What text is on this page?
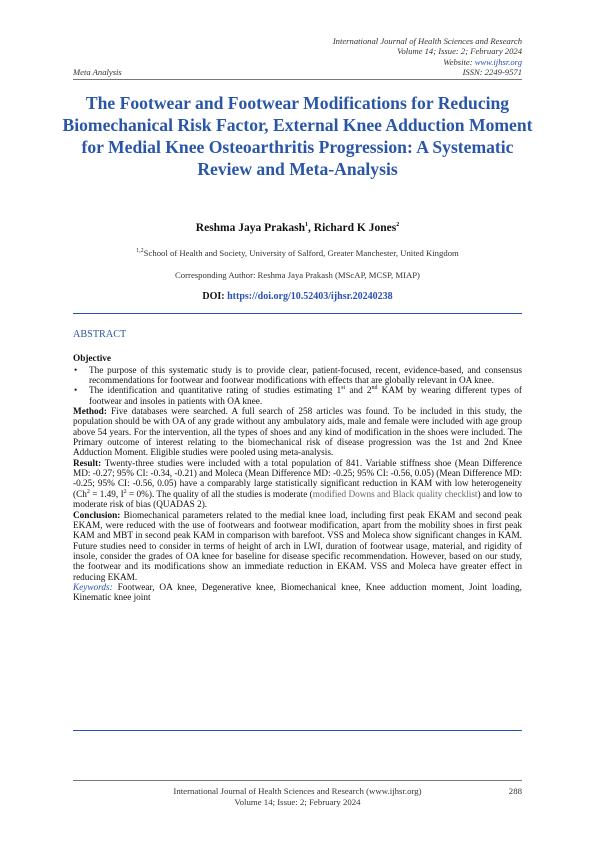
International Journal of Health Sciences and Research
Volume 14; Issue: 2; February 2024
Website: www.ijhsr.org
ISSN: 2249-9571
Meta Analysis
The Footwear and Footwear Modifications for Reducing Biomechanical Risk Factor, External Knee Adduction Moment for Medial Knee Osteoarthritis Progression: A Systematic Review and Meta-Analysis
Reshma Jaya Prakash$^1$, Richard K Jones$^2$
$^{1,2}$School of Health and Society, University of Salford, Greater Manchester, United Kingdom
Corresponding Author: Reshma Jaya Prakash (MScAP, MCSP, MIAP)
DOI: https://doi.org/10.52403/ijhsr.20240238
ABSTRACT
Objective
• The purpose of this systematic study is to provide clear, patient-focused, recent, evidence-based, and consensus recommendations for footwear and footwear modifications with effects that are globally relevant in OA knee.
• The identification and quantitative rating of studies estimating 1st and 2nd KAM by wearing different types of footwear and insoles in patients with OA knee.

Method: Five databases were searched. A full search of 258 articles was found. To be included in this study, the population should be with OA of any grade without any ambulatory aids, male and female were included with age group above 54 years. For the intervention, all the types of shoes and any kind of modification in the shoes were included. The Primary outcome of interest relating to the biomechanical risk of disease progression was the 1st and 2nd Knee Adduction Moment. Eligible studies were pooled using meta-analysis.

Result: Twenty-three studies were included with a total population of 841. Variable stiffness shoe (Mean Difference MD: -0.27; 95% CI: -0.34, -0.21) and Moleca (Mean Difference MD: -0.25; 95% CI: -0.56, 0.05) (Mean Difference MD: -0.25; 95% CI: -0.56, 0.05) have a comparably large statistically significant reduction in KAM with low heterogeneity ($Ch^2 = 1.49$, $I^2 = 0\%$). The quality of all the studies is moderate (modified Downs and Black quality checklist) and low to moderate risk of bias (QUADAS 2).

Conclusion: Biomechanical parameters related to the medial knee load, including first peak EKAM and second peak EKAM, were reduced with the use of footwears and footwear modification, apart from the mobility shoes in first peak KAM and MBT in second peak KAM in comparison with barefoot. VSS and Moleca show significant changes in KAM. Future studies need to consider in terms of height of arch in LWI, duration of footwear usage, material, and rigidity of insole, consider the grades of OA knee for baseline for disease specific recommendation. However, based on our study, the footwear and its modifications show an immediate reduction in EKAM. VSS and Moleca have greater effect in reducing EKAM.

Keywords: Footwear, OA knee, Degenerative knee, Biomechanical knee, Knee adduction moment, Joint loading, Kinematic knee joint

International Journal of Health Sciences and Research (www.ijhsr.org)
Volume 14; Issue: 2; February 2024
288
